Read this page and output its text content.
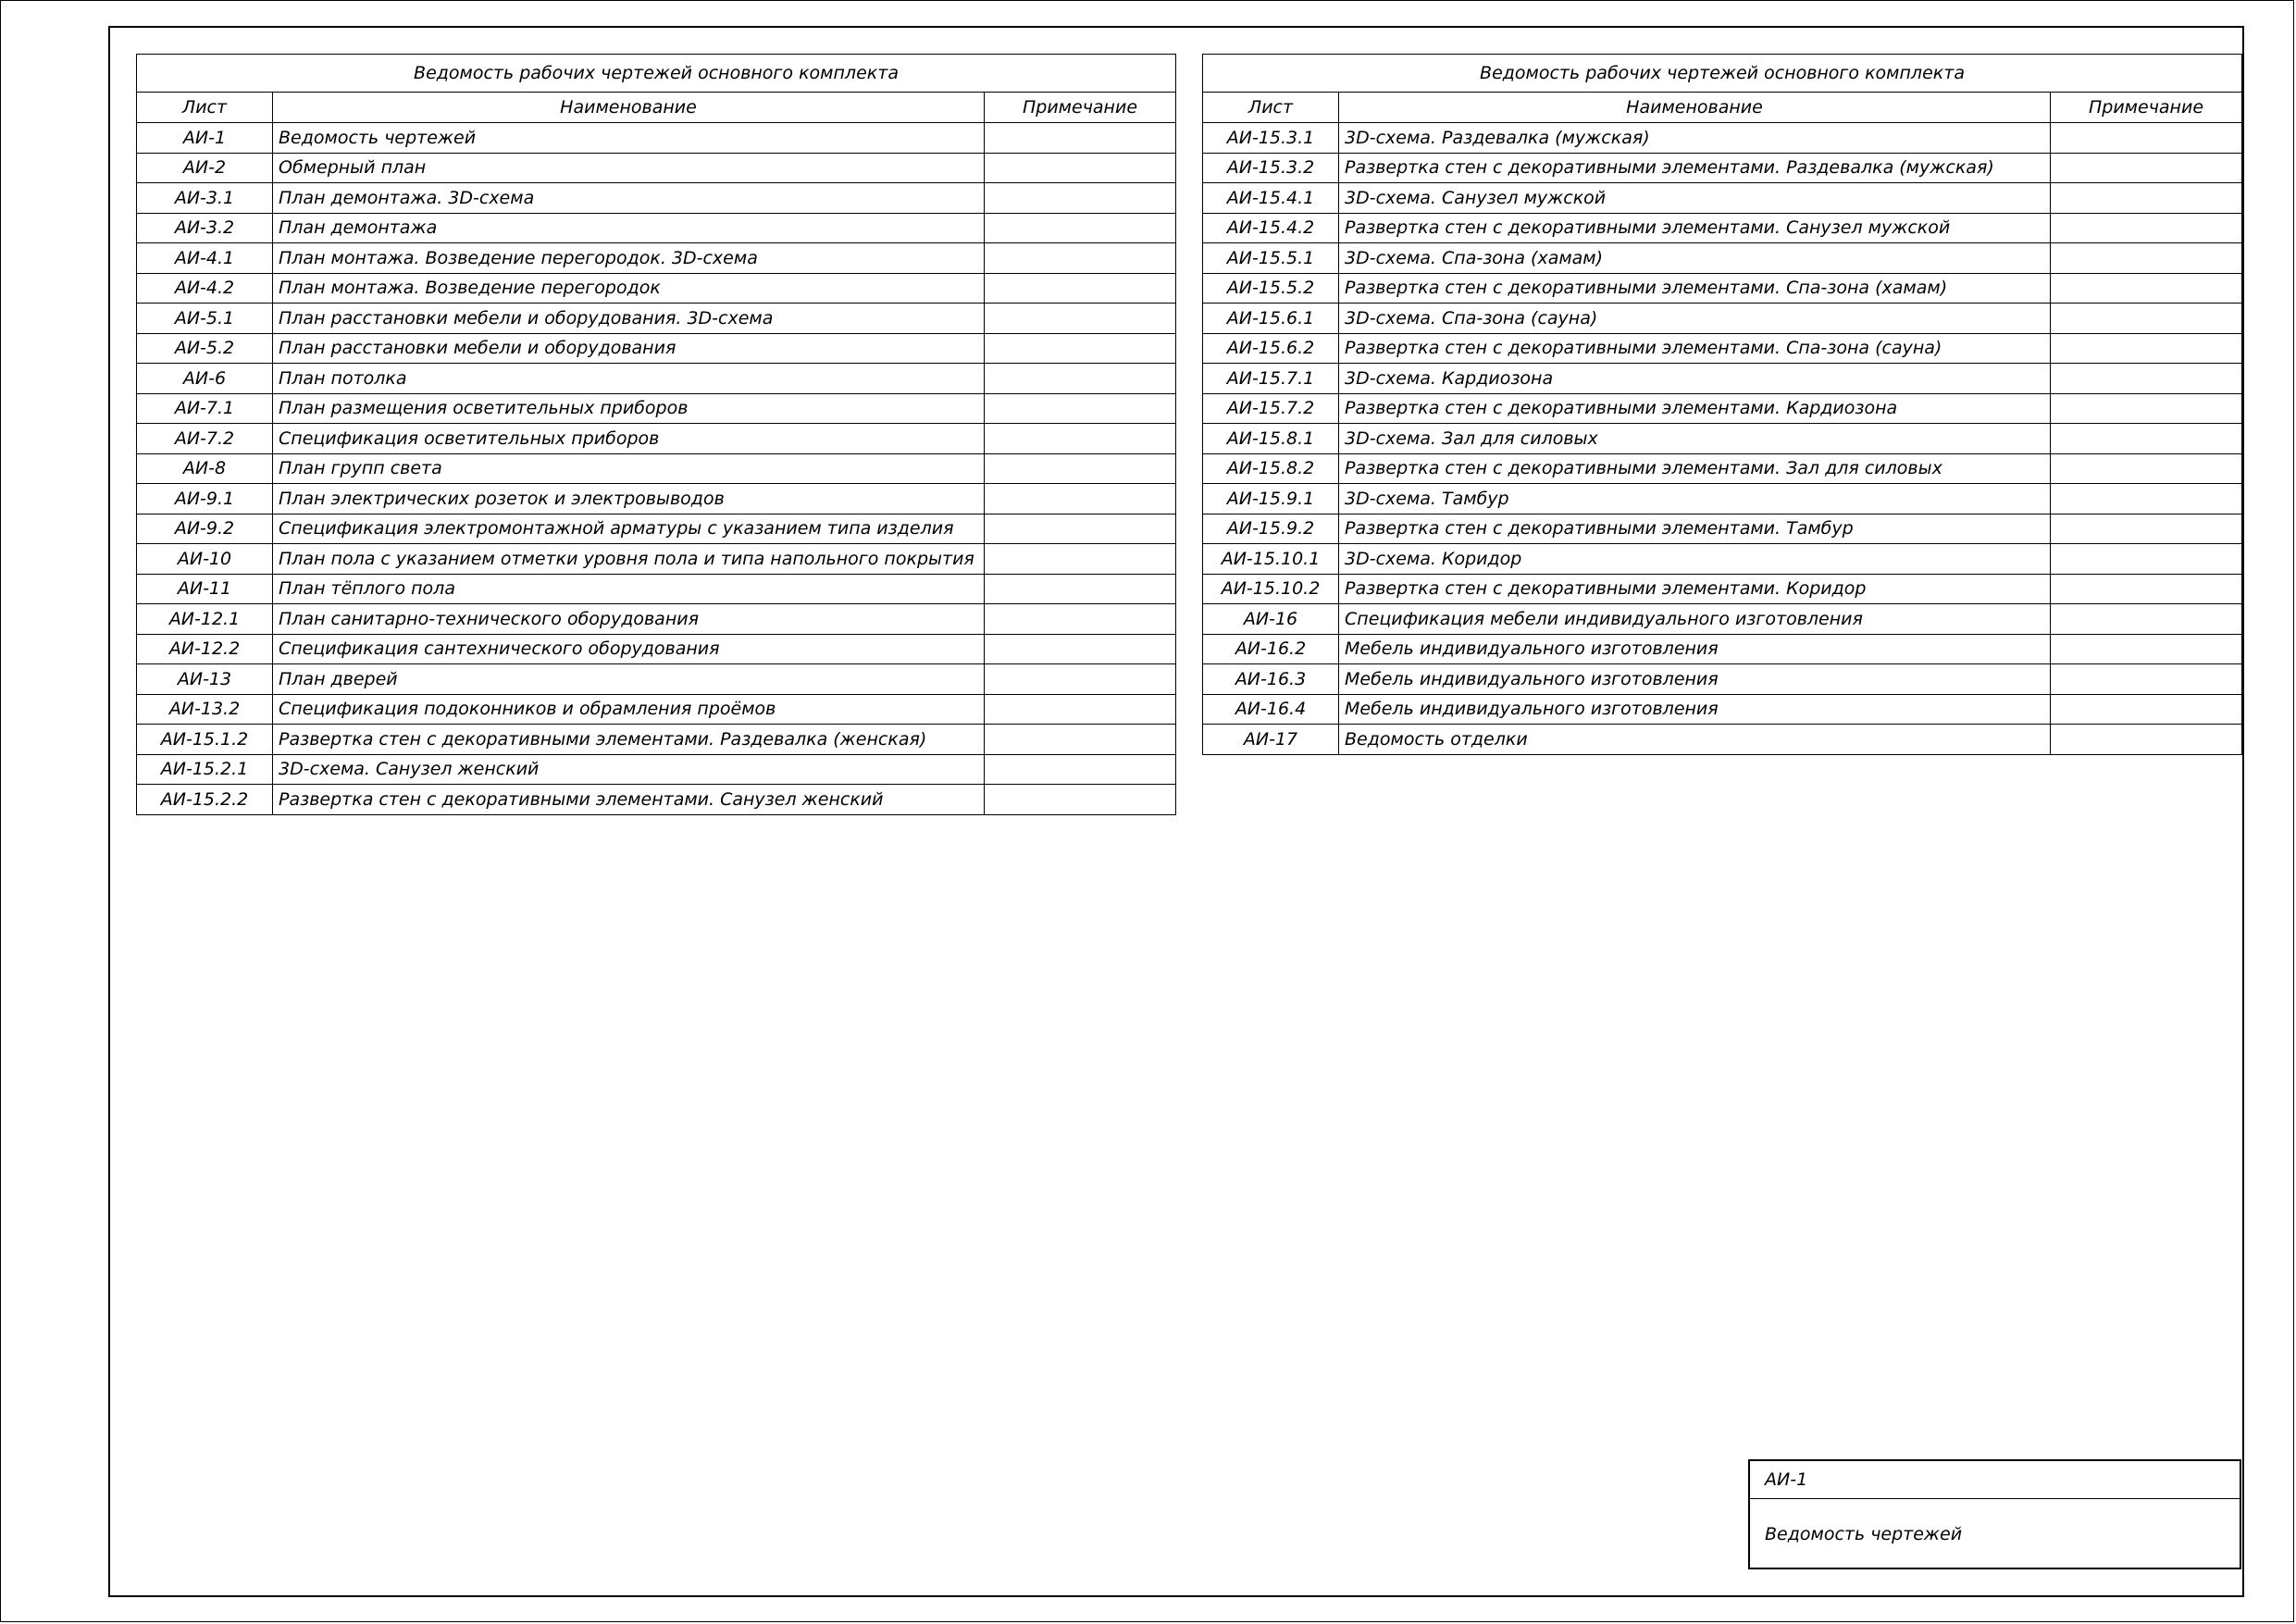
Ведомость рабочих чертежей основного комплекта		
Лист	Наименование	Примечание
АИ-1	Ведомость чертежей	
АИ-2	Обмерный план	
АИ-3.1	План демонтажа. 3D-схема	
АИ-3.2	План демонтажа	
АИ-4.1	План монтажа. Возведение перегородок. 3D-схема	
АИ-4.2	План монтажа. Возведение перегородок	
АИ-5.1	План расстановки мебели и оборудования. 3D-схема	
АИ-5.2	План расстановки мебели и оборудования	
АИ-6	План потолка	
АИ-7.1	План размещения осветительных приборов	
АИ-7.2	Спецификация осветительных приборов	
АИ-8	План групп света	
АИ-9.1	План электрических розеток и электровыводов	
АИ-9.2	Спецификация электромонтажной арматуры с указанием типа изделия	
АИ-10	План пола с указанием отметки уровня пола и типа напольного покрытия	
АИ-11	План тёплого пола	
АИ-12.1	План санитарно-технического оборудования	
АИ-12.2	Спецификация сантехнического оборудования	
АИ-13	План дверей	
АИ-13.2	Спецификация подоконников и обрамления проёмов	
АИ-15.1.2	Развертка стен с декоративными элементами. Раздевалка (женская)	
АИ-15.2.1	3D-схема. Санузел женский	
АИ-15.2.2	Развертка стен с декоративными элементами. Санузел женский	
Ведомость рабочих чертежей основного комплекта		
Лист	Наименование	Примечание
АИ-15.3.1	3D-схема. Раздевалка (мужская)	
АИ-15.3.2	Развертка стен с декоративными элементами. Раздевалка (мужская)	
АИ-15.4.1	3D-схема. Санузел мужской	
АИ-15.4.2	Развертка стен с декоративными элементами. Санузел мужской	
АИ-15.5.1	3D-схема. Спа-зона (хамам)	
АИ-15.5.2	Развертка стен с декоративными элементами. Спа-зона (хамам)	
АИ-15.6.1	3D-схема. Спа-зона (сауна)	
АИ-15.6.2	Развертка стен с декоративными элементами. Спа-зона (сауна)	
АИ-15.7.1	3D-схема. Кардиозона	
АИ-15.7.2	Развертка стен с декоративными элементами. Кардиозона	
АИ-15.8.1	3D-схема. Зал для силовых	
АИ-15.8.2	Развертка стен с декоративными элементами. Зал для силовых	
АИ-15.9.1	3D-схема. Тамбур	
АИ-15.9.2	Развертка стен с декоративными элементами. Тамбур	
АИ-15.10.1	3D-схема. Коридор	
АИ-15.10.2	Развертка стен с декоративными элементами. Коридор	
АИ-16	Спецификация мебели индивидуального изготовления	
АИ-16.2	Мебель индивидуального изготовления	
АИ-16.3	Мебель индивидуального изготовления	
АИ-16.4	Мебель индивидуального изготовления	
АИ-17	Ведомость отделки	
АИ-1
Ведомость чертежей
